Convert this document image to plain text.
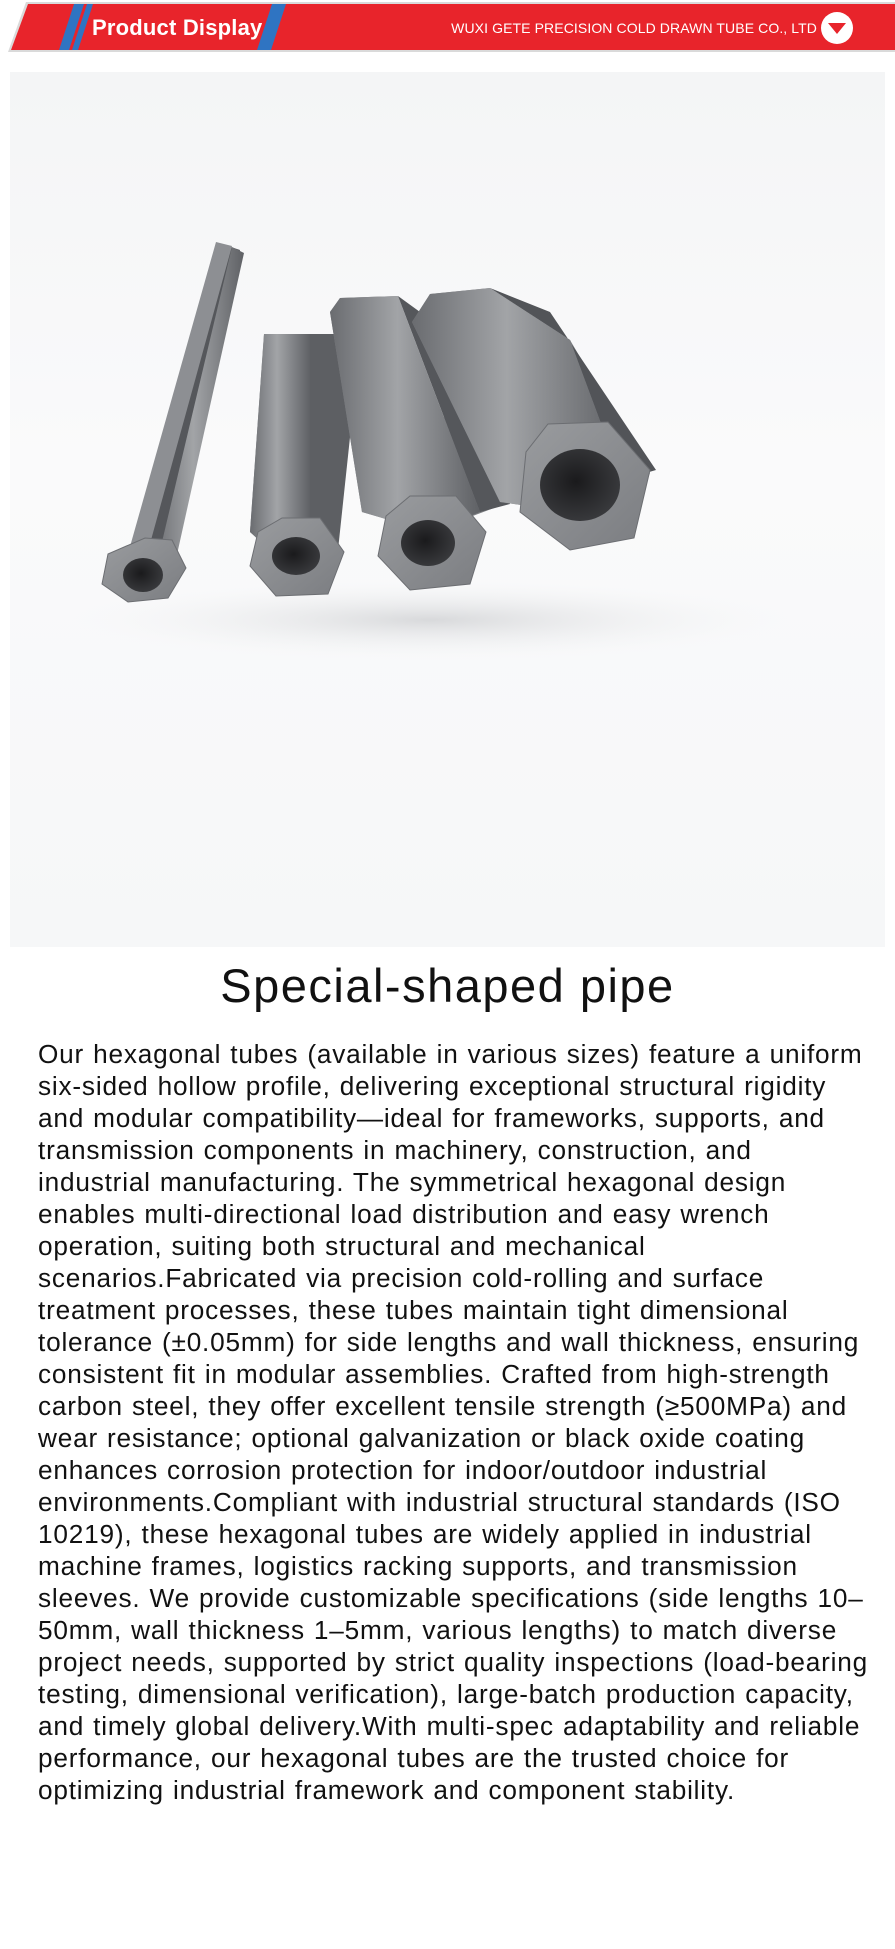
Product Display	WUXI GETE PRECISION COLD DRAWN TUBE CO., LTD
Special-shaped pipe

Our hexagonal tubes (available in various sizes) feature a uniform six-sided hollow profile, delivering exceptional structural rigidity and modular compatibility—ideal for frameworks, supports, and transmission components in machinery, construction, and industrial manufacturing. The symmetrical hexagonal design enables multi-directional load distribution and easy wrench operation, suiting both structural and mechanical scenarios.Fabricated via precision cold-rolling and surface treatment processes, these tubes maintain tight dimensional tolerance (±0.05mm) for side lengths and wall thickness, ensuring consistent fit in modular assemblies. Crafted from high-strength carbon steel, they offer excellent tensile strength (≥500MPa) and wear resistance; optional galvanization or black oxide coating enhances corrosion protection for indoor/outdoor industrial environments.Compliant with industrial structural standards (ISO 10219), these hexagonal tubes are widely applied in industrial machine frames, logistics racking supports, and transmission sleeves. We provide customizable specifications (side lengths 10–50mm, wall thickness 1–5mm, various lengths) to match diverse project needs, supported by strict quality inspections (load-bearing testing, dimensional verification), large-batch production capacity, and timely global delivery.With multi-spec adaptability and reliable performance, our hexagonal tubes are the trusted choice for optimizing industrial framework and component stability.
